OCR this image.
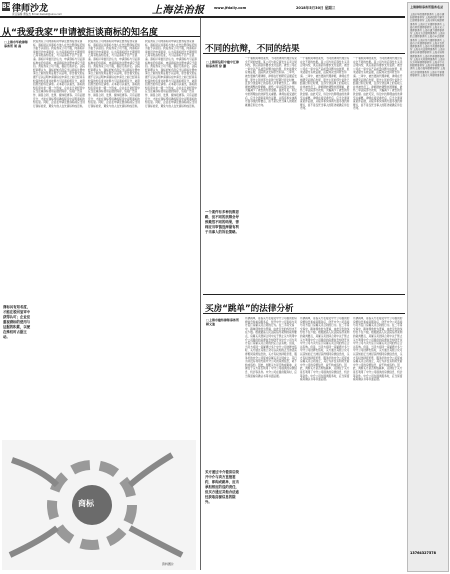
B5 律师沙龙
责任编辑 曹俊杰 Email:bwlszl@sina.com	上海法治报	www.jfdaily.com	2018年5月30日 星期三
从“我爱我家”申请被拒谈商标的知名度
□上海市华政律师事务所 周 森
我爱我家公司向商标局申请注册我爱我家商标，商标局以该商标与他人在先注册商标近似为由予以驳回。我爱我家公司不服，向商标评审委员会申请复审，认为其商标经过长期使用已具有较高知名度，与引证商标不会产生混淆。商标评审委员会认为，申请商标与引证商标构成近似商标，申请商标的注册申请应予驳回。我爱我家公司不服，提起行政诉讼。法院经审理认为，商标的知名度应当以商标注册申请日之前的使用证据予以证明，原告提交的证据不足以证明申请商标在申请日之前已经具有较高的知名度并能够与引证商标相区分，故驳回原告的诉讼请求。从本案可以看出，商标的知名度并非一朝一夕形成，企业在日常经营中应当注重商标使用证据的保存，包括广告宣传、销售合同、发票、媒体报道等。只有证据充分，才能在商标授权确权程序中证明商标的知名度。同时，企业在申请注册商标前应当进行商标检索，避免与他人在先商标构成近似。
我爱我家公司向商标局申请注册我爱我家商标，商标局以该商标与他人在先注册商标近似为由予以驳回。我爱我家公司不服，向商标评审委员会申请复审，认为其商标经过长期使用已具有较高知名度，与引证商标不会产生混淆。商标评审委员会认为，申请商标与引证商标构成近似商标，申请商标的注册申请应予驳回。我爱我家公司不服，提起行政诉讼。法院经审理认为，商标的知名度应当以商标注册申请日之前的使用证据予以证明，原告提交的证据不足以证明申请商标在申请日之前已经具有较高的知名度并能够与引证商标相区分，故驳回原告的诉讼请求。从本案可以看出，商标的知名度并非一朝一夕形成，企业在日常经营中应当注重商标使用证据的保存，包括广告宣传、销售合同、发票、媒体报道等。只有证据充分，才能在商标授权确权程序中证明商标的知名度。同时，企业在申请注册商标前应当进行商标检索，避免与他人在先商标构成近似。
我爱我家公司向商标局申请注册我爱我家商标，商标局以该商标与他人在先注册商标近似为由予以驳回。我爱我家公司不服，向商标评审委员会申请复审，认为其商标经过长期使用已具有较高知名度，与引证商标不会产生混淆。商标评审委员会认为，申请商标与引证商标构成近似商标，申请商标的注册申请应予驳回。我爱我家公司不服，提起行政诉讼。法院经审理认为，商标的知名度应当以商标注册申请日之前的使用证据予以证明，原告提交的证据不足以证明申请商标在申请日之前已经具有较高的知名度并能够与引证商标相区分，故驳回原告的诉讼请求。从本案可以看出，商标的知名度并非一朝一夕形成，企业在日常经营中应当注重商标使用证据的保存，包括广告宣传、销售合同、发票、媒体报道等。只有证据充分，才能在商标授权确权程序中证明商标的知名度。同时，企业在申请注册商标前应当进行商标检索，避免与他人在先商标构成近似。
商标具有知名度，才能在驳回复审中获得认可；企业应重视商标的使用与证据的积累，以便在维权时占据主动。
商标
资料图片
不同的抗辩，不同的结果
□上海邦信阳中建中汇律师事务所 徐 鹏
一个看似简单的案件，不同的律师代理会有完全不同的结果。某公司与供应商发生买卖合同纠纷，供应商起诉要求支付货款。被告公司在一审中以产品质量问题为由抗辩，但未能提交有效证据，法院判决支持原告诉请。二审中，被告更换代理律师，律师在仔细研究证据后发现，原告主张的部分货款已经超过诉讼时效，且部分送货单上的签收人并非被告员工。律师据此调整抗辩策略，最终二审法院部分改判，大幅减少了被告的付款金额。由此可见，诉讼中抗辩理由的选择至关重要。律师在接受委托后，应当全面审查案件证据，从程序和实体两方面寻找抗辩要点，而不是仅凭当事人的陈述就确定诉讼方向。
一个看似简单的案件，不同的律师代理会有完全不同的结果。某公司与供应商发生买卖合同纠纷，供应商起诉要求支付货款。被告公司在一审中以产品质量问题为由抗辩，但未能提交有效证据，法院判决支持原告诉请。二审中，被告更换代理律师，律师在仔细研究证据后发现，原告主张的部分货款已经超过诉讼时效，且部分送货单上的签收人并非被告员工。律师据此调整抗辩策略，最终二审法院部分改判，大幅减少了被告的付款金额。由此可见，诉讼中抗辩理由的选择至关重要。律师在接受委托后，应当全面审查案件证据，从程序和实体两方面寻找抗辩要点，而不是仅凭当事人的陈述就确定诉讼方向。
一个看似简单的案件，不同的律师代理会有完全不同的结果。某公司与供应商发生买卖合同纠纷，供应商起诉要求支付货款。被告公司在一审中以产品质量问题为由抗辩，但未能提交有效证据，法院判决支持原告诉请。二审中，被告更换代理律师，律师在仔细研究证据后发现，原告主张的部分货款已经超过诉讼时效，且部分送货单上的签收人并非被告员工。律师据此调整抗辩策略，最终二审法院部分改判，大幅减少了被告的付款金额。由此可见，诉讼中抗辩理由的选择至关重要。律师在接受委托后，应当全面审查案件证据，从程序和实体两方面寻找抗辩要点，而不是仅凭当事人的陈述就确定诉讼方向。
一个案件有多种抗辩思路，但不同的抗辩会导致截然不同的结果，律师应当审慎选择最有利于当事人的诉讼策略。
买房“跳单”的法律分析
□上海市建纬律师事务所 顾文迪
所谓跳单，是指买方在接受中介公司提供的房源信息和看房服务后，绕开中介公司直接与卖方签订房屋买卖合同的行为。在二手房交易中，跳单现象较为普遍，由此引发的纠纷也不在少数。根据最高人民法院指导案例的裁判要点，房屋买卖居间合同中关于禁止买方利用中介公司提供的房源信息却绕开该中介公司与卖方签订房屋买卖合同的约定合法有效。但是，当卖方将同一房屋通过多个中介公司挂牌出售时，买方通过其他公众可以获知的正当途径获得相同房源信息的，买方有权选择报价低、服务好的中介公司促成房屋买卖合同成立，其行为并没有利用先前中介公司的房源信息，故不构成违约。因此，判断买方是否构成跳单，关键在于买方是否利用了中介公司提供的房源信息、机会等条件。中介公司在提供服务时，应当保留看房确认书等书面证据。
所谓跳单，是指买方在接受中介公司提供的房源信息和看房服务后，绕开中介公司直接与卖方签订房屋买卖合同的行为。在二手房交易中，跳单现象较为普遍，由此引发的纠纷也不在少数。根据最高人民法院指导案例的裁判要点，房屋买卖居间合同中关于禁止买方利用中介公司提供的房源信息却绕开该中介公司与卖方签订房屋买卖合同的约定合法有效。但是，当卖方将同一房屋通过多个中介公司挂牌出售时，买方通过其他公众可以获知的正当途径获得相同房源信息的，买方有权选择报价低、服务好的中介公司促成房屋买卖合同成立，其行为并没有利用先前中介公司的房源信息，故不构成违约。因此，判断买方是否构成跳单，关键在于买方是否利用了中介公司提供的房源信息、机会等条件。中介公司在提供服务时，应当保留看房确认书等书面证据。
所谓跳单，是指买方在接受中介公司提供的房源信息和看房服务后，绕开中介公司直接与卖方签订房屋买卖合同的行为。在二手房交易中，跳单现象较为普遍，由此引发的纠纷也不在少数。根据最高人民法院指导案例的裁判要点，房屋买卖居间合同中关于禁止买方利用中介公司提供的房源信息却绕开该中介公司与卖方签订房屋买卖合同的约定合法有效。但是，当卖方将同一房屋通过多个中介公司挂牌出售时，买方通过其他公众可以获知的正当途径获得相同房源信息的，买方有权选择报价低、服务好的中介公司促成房屋买卖合同成立，其行为并没有利用先前中介公司的房源信息，故不构成违约。因此，判断买方是否构成跳单，关键在于买方是否利用了中介公司提供的房源信息、机会等条件。中介公司在提供服务时，应当保留看房确认书等书面证据。
买方通过中介看房后绕开中介与卖方直接签约，即构成跳单，应当承担相应的违约责任，但买方通过其他合法途径获取房源信息的除外。
上海律师事务所服务名录
上海市华政律师事务所 上海市建纬律师事务所 上海邦信阳中建中汇律师事务所 上海市锦天城律师事务所 上海市汇业律师事务所 上海市君悦律师事务所 上海市光大律师事务所 上海市通力律师事务所 上海市方达律师事务所 上海市联合律师事务所 上海市申达律师事务所 上海市协力律师事务所 上海市金茂律师事务所 上海市百悦律师事务所 上海市中茂律师事务所 上海市尚法律师事务所 上海市海华永泰律师事务所 上海市瑛明律师事务所 上海市恒泰律师事务所 上海市天易律师事务所 上海市东方环球律师事务所 上海市中天阳律师事务所 上海市华诚律师事务所 上海市海华律师事务所 上海市达尔律师事务所 上海市中夏律师事务所 上海市大华律师事务所
13764327578
